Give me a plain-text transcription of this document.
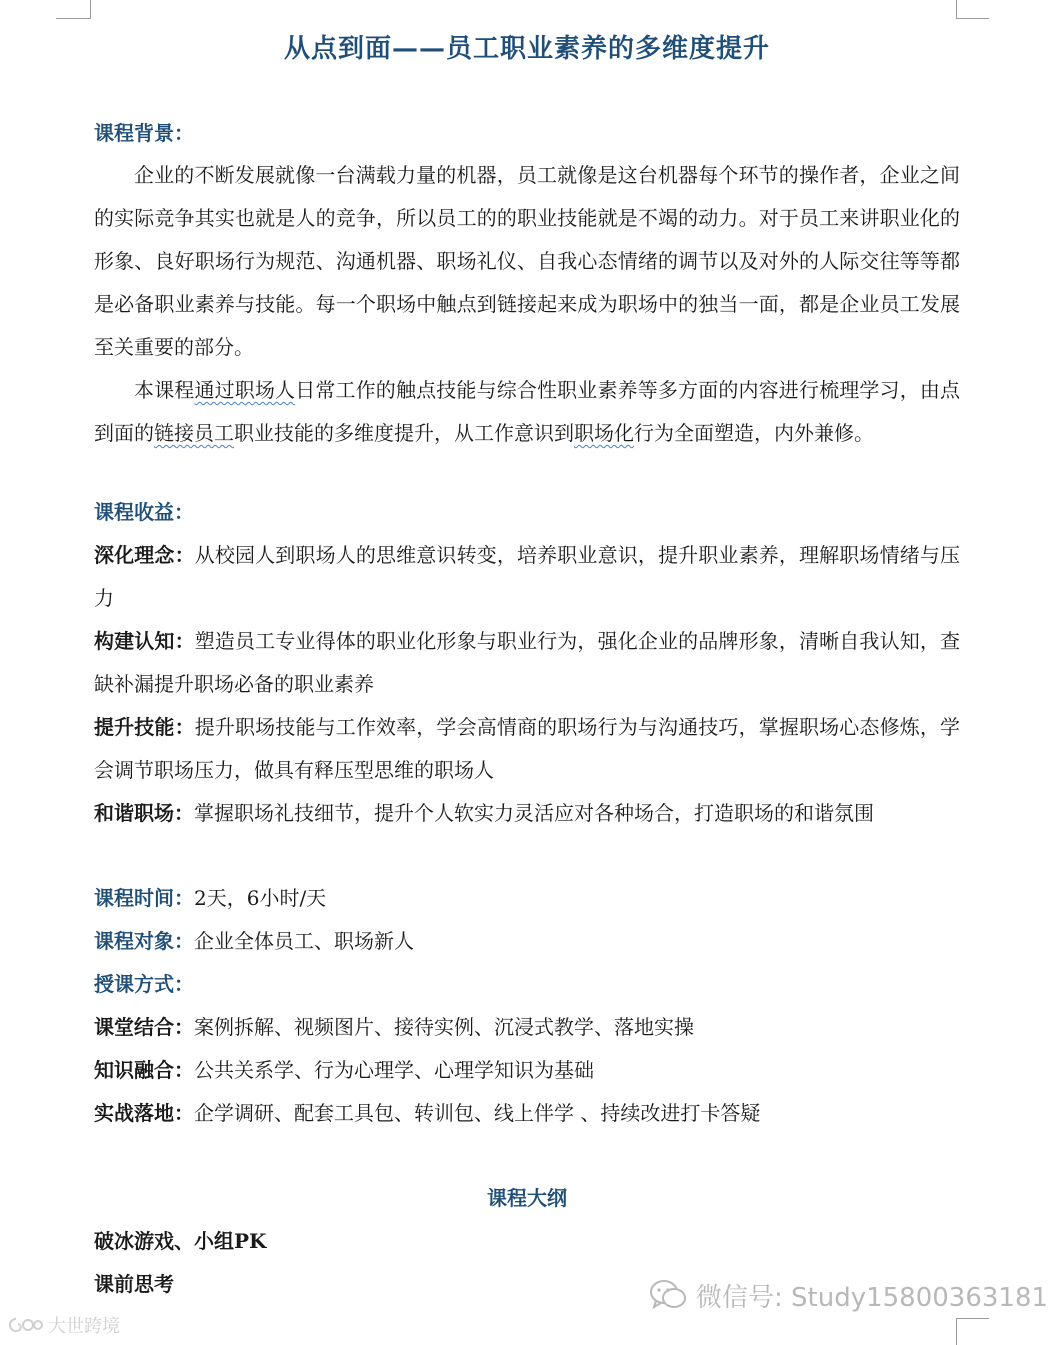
从点到面——员工职业素养的多维度提升
课程背景：

企业的不断发展就像一台满载力量的机器，员工就像是这台机器每个环节的操作者，企业之间的实际竞争其实也就是人的竞争，所以员工的的职业技能就是不竭的动力。对于员工来讲职业化的形象、良好职场行为规范、沟通机器、职场礼仪、自我心态情绪的调节以及对外的人际交往等等都是必备职业素养与技能。每一个职场中触点到链接起来成为职场中的独当一面，都是企业员工发展至关重要的部分。

本课程通过职场人日常工作的触点技能与综合性职业素养等多方面的内容进行梳理学习，由点到面的链接员工职业技能的多维度提升，从工作意识到职场化行为全面塑造，内外兼修。

课程收益：

深化理念：从校园人到职场人的思维意识转变，培养职业意识，提升职业素养，理解职场情绪与压力

构建认知：塑造员工专业得体的职业化形象与职业行为，强化企业的品牌形象，清晰自我认知，查缺补漏提升职场必备的职业素养

提升技能：提升职场技能与工作效率，学会高情商的职场行为与沟通技巧，掌握职场心态修炼，学会调节职场压力，做具有释压型思维的职场人

和谐职场：掌握职场礼技细节，提升个人软实力灵活应对各种场合，打造职场的和谐氛围

课程时间：2天，6小时/天

课程对象：企业全体员工、职场新人

授课方式：

课堂结合：案例拆解、视频图片、接待实例、沉浸式教学、落地实操

知识融合：公共关系学、行为心理学、心理学知识为基础

实战落地：企学调研、配套工具包、转训包、线上伴学 、持续改进打卡答疑

课程大纲

破冰游戏、小组PK

课前思考	微信号: Study15800363181
大世跨境
